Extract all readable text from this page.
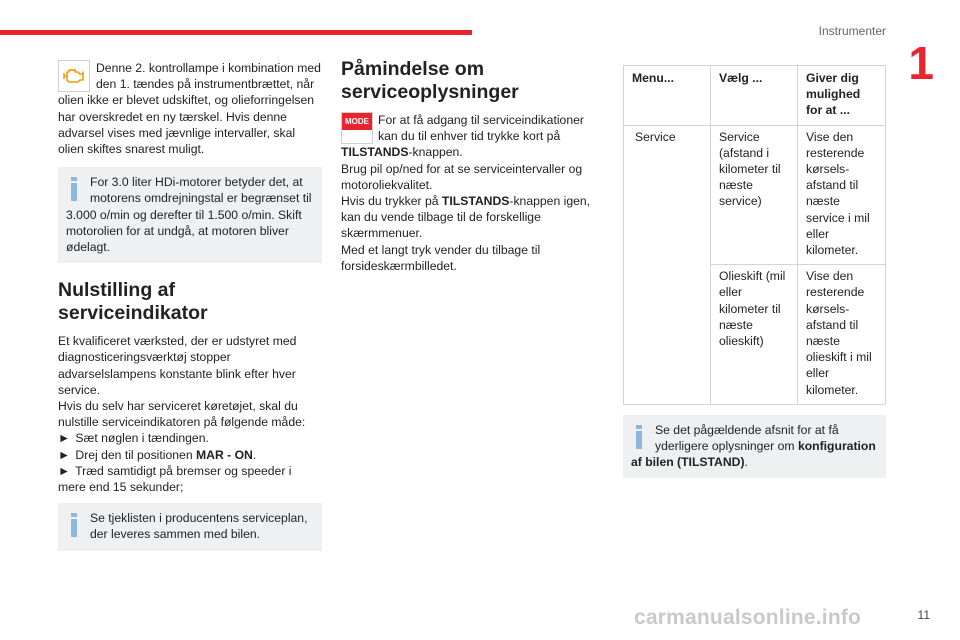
Instrumenter
1

Denne 2. kontrollampe i kombination med den 1. tændes på instrumentbrættet, når olien ikke er blevet udskiftet, og olieforringelsen har overskredet en ny tærskel. Hvis denne advarsel vises med jævnlige intervaller, skal olien skiftes snarest muligt.

For 3.0 liter HDi-motorer betyder det, at motorens omdrejningstal er begrænset til 3.000 o/min og derefter til 1.500 o/min. Skift motorolien for at undgå, at motoren bliver ødelagt.

Nulstilling af serviceindikator

Et kvalificeret værksted, der er udstyret med diagnosticeringsværktøj stopper advarselslampens konstante blink efter hver service.

Hvis du selv har serviceret køretøjet, skal du nulstille serviceindikatoren på følgende måde:

► Sæt nøglen i tændingen.

► Drej den til positionen MAR - ON.

► Træd samtidigt på bremser og speeder i mere end 15 sekunder;

Se tjeklisten i producentens serviceplan, der leveres sammen med bilen.

Påmindelse om serviceoplysninger
MODE For at få adgang til serviceindikationer kan du til enhver tid trykke kort på TILSTANDS-knappen.

Brug pil op/ned for at se serviceintervaller og motoroliekvalitet.

Hvis du trykker på TILSTANDS-knappen igen, kan du vende tilbage til de forskellige skærmmenuer.

Med et langt tryk vender du tilbage til forsideskærmbilledet.

Menu...	Vælg ...	Giver dig mulighed for at ...
Service	Service (afstand i kilometer til næste service)	Vise den resterende kørsels-afstand til næste service i mil eller kilometer.
	Olieskift (mil eller kilometer til næste olieskift)	Vise den resterende kørsels-afstand til næste olieskift i mil eller kilometer.

Se det pågældende afsnit for at få yderligere oplysninger om konfiguration af bilen (TILSTAND).

carmanualsonline.info	11
